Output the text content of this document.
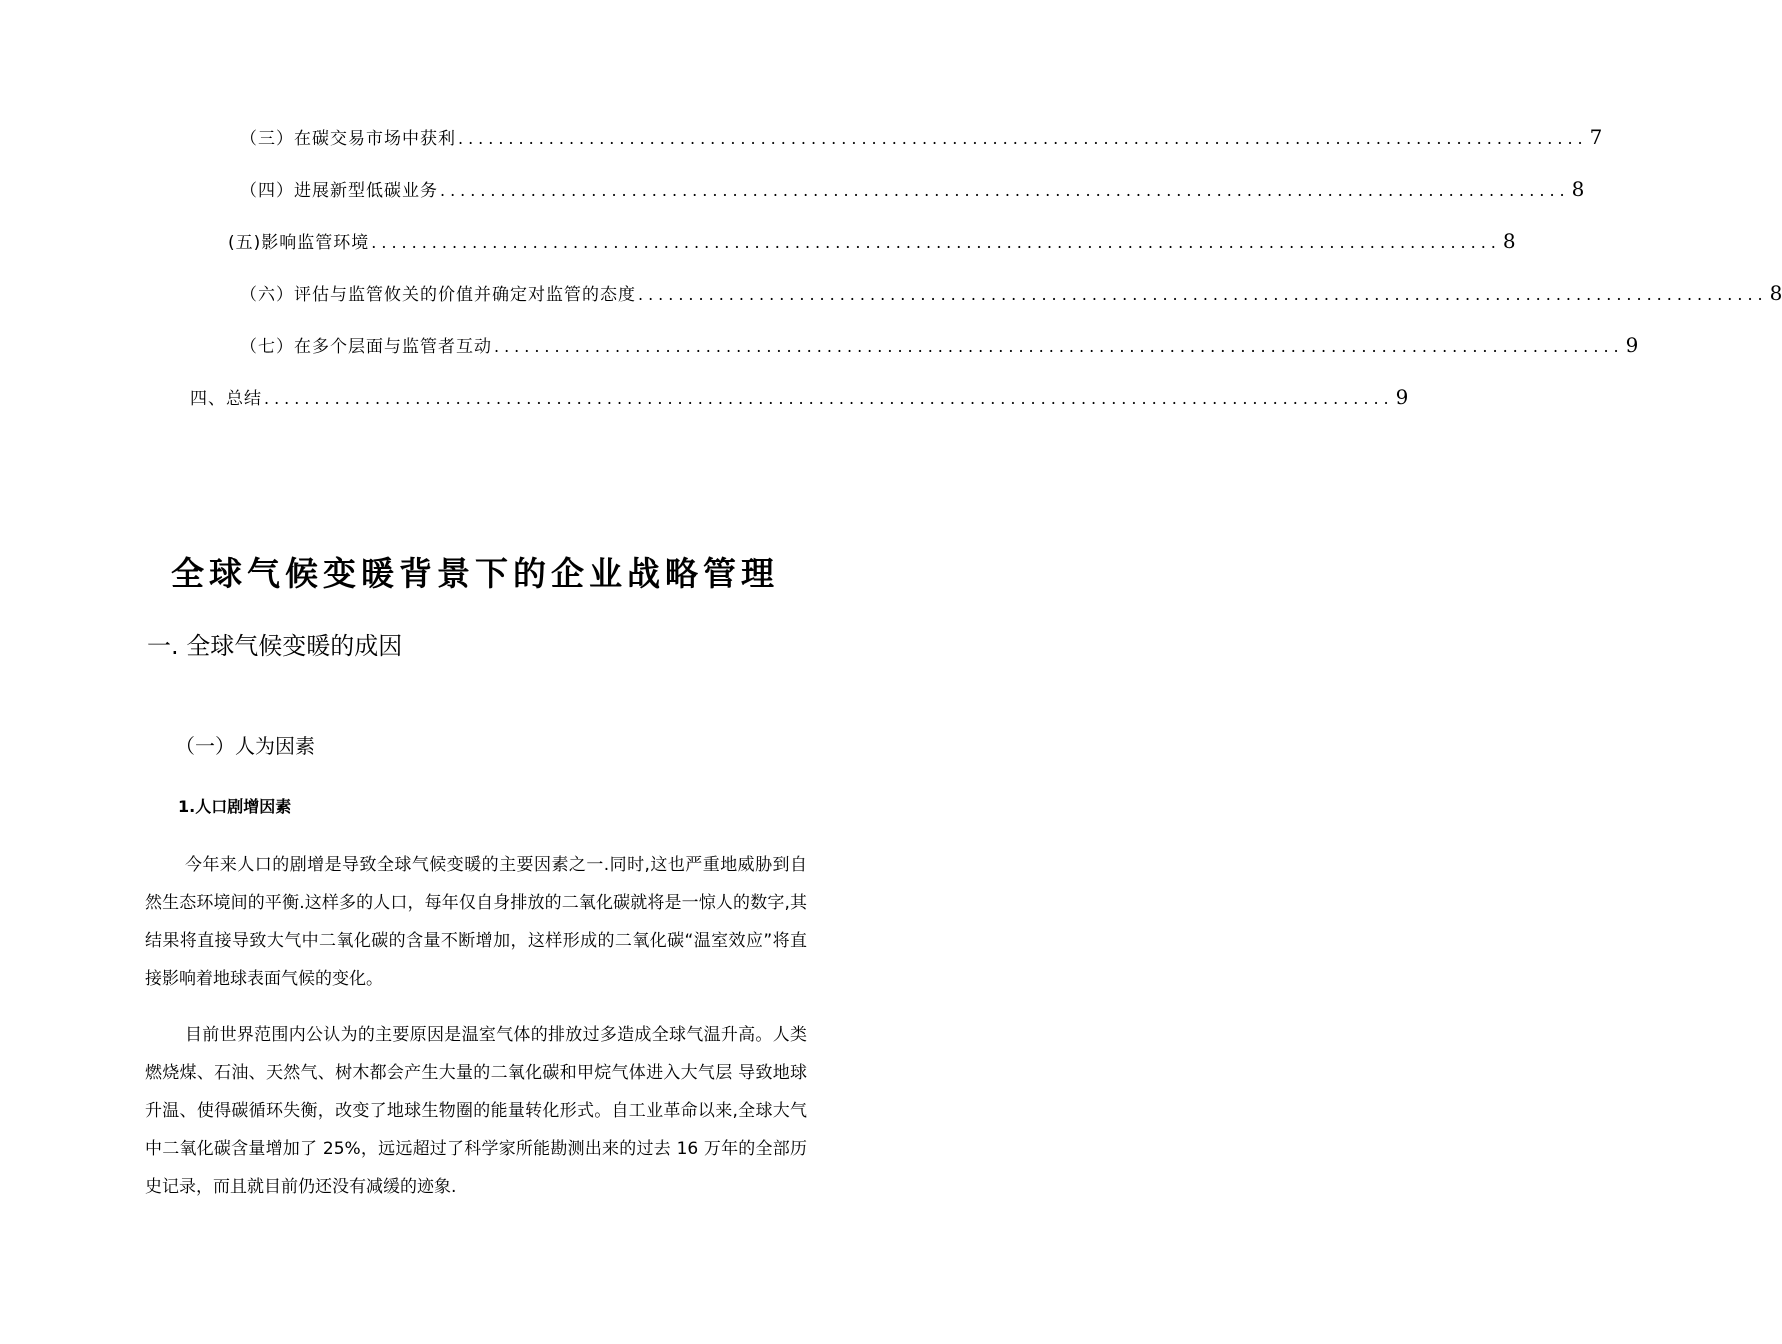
（三）在碳交易市场中获利 ................................................................................................................ 7
（四）进展新型低碳业务 ................................................................................................................ 8
(五)影响监管环境 ................................................................................................................ 8
（六）评估与监管攸关的价值并确定对监管的态度 ................................................................................................................ 8
（七）在多个层面与监管者互动 ................................................................................................................ 9
四、总结 ................................................................................................................ 9
全球气候变暖背景下的企业战略管理
一. 全球气候变暖的成因
（一）人为因素
1.人口剧增因素

今年来人口的剧增是导致全球气候变暖的主要因素之一.同时,这也严重地威胁到自然生态环境间的平衡.这样多的人口，每年仅自身排放的二氧化碳就将是一惊人的数字,其结果将直接导致大气中二氧化碳的含量不断增加，这样形成的二氧化碳“温室效应”将直接影响着地球表面气候的变化。

目前世界范围内公认为的主要原因是温室气体的排放过多造成全球气温升高。人类燃烧煤、石油、天然气、树木都会产生大量的二氧化碳和甲烷气体进入大气层 导致地球升温、使得碳循环失衡，改变了地球生物圈的能量转化形式。自工业革命以来,全球大气中二氧化碳含量增加了 25%，远远超过了科学家所能勘测出来的过去 16 万年的全部历史记录，而且就目前仍还没有减缓的迹象.
